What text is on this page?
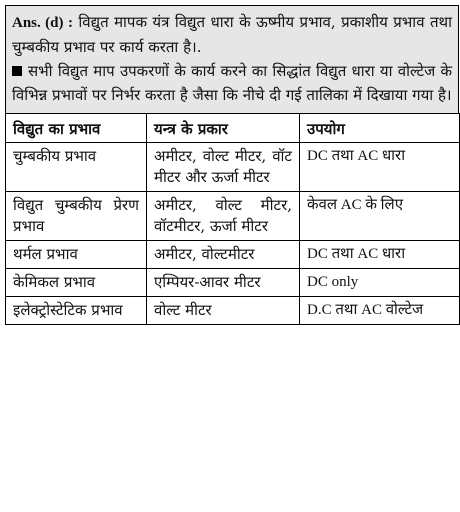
Ans. (d) : विद्युत मापक यंत्र विद्युत धारा के ऊष्मीय प्रभाव, प्रकाशीय प्रभाव तथा चुम्बकीय प्रभाव पर कार्य करता है।.

सभी विद्युत माप उपकरणों के कार्य करने का सिद्धांत विद्युत धारा या वोल्टेज के विभिन्न प्रभावों पर निर्भर करता है जैसा कि नीचे दी गई तालिका में दिखाया गया है।

विद्युत का प्रभाव	यन्त्र के प्रकार	उपयोग
चुम्बकीय प्रभाव	अमीटर, वोल्ट मीटर, वॉट मीटर और ऊर्जा मीटर	DC तथा AC धारा
विद्युत चुम्बकीय प्रेरण प्रभाव	अमीटर, वोल्ट मीटर, वॉटमीटर, ऊर्जा मीटर	केवल AC के लिए
थर्मल प्रभाव	अमीटर, वोल्टमीटर	DC तथा AC धारा
केमिकल प्रभाव	एम्पियर-आवर मीटर	DC only
इलेक्ट्रोस्टेटिक प्रभाव	वोल्ट मीटर	D.C तथा AC वोल्टेज
